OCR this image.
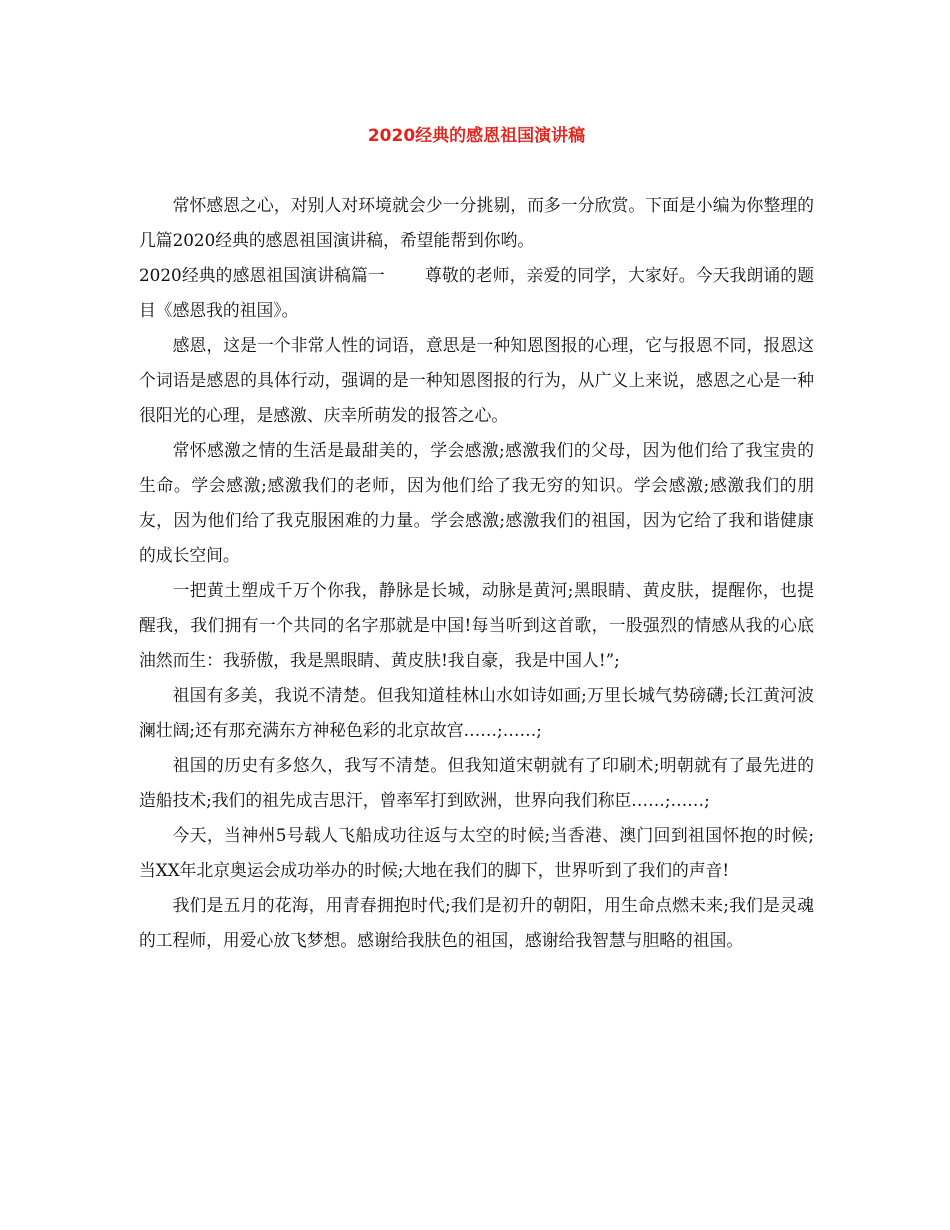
2020经典的感恩祖国演讲稿

常怀感恩之心，对别人对环境就会少一分挑剔，而多一分欣赏。下面是小编为你整理的几篇2020经典的感恩祖国演讲稿，希望能帮到你哟。

2020经典的感恩祖国演讲稿篇一 尊敬的老师，亲爱的同学，大家好。今天我朗诵的题目《感恩我的祖国》。

感恩，这是一个非常人性的词语，意思是一种知恩图报的心理，它与报恩不同，报恩这个词语是感恩的具体行动，强调的是一种知恩图报的行为，从广义上来说，感恩之心是一种很阳光的心理，是感激、庆幸所萌发的报答之心。

常怀感激之情的生活是最甜美的，学会感激;感激我们的父母，因为他们给了我宝贵的生命。学会感激;感激我们的老师，因为他们给了我无穷的知识。学会感激;感激我们的朋友，因为他们给了我克服困难的力量。学会感激;感激我们的祖国，因为它给了我和谐健康的成长空间。

一把黄土塑成千万个你我，静脉是长城，动脉是黄河;黑眼睛、黄皮肤，提醒你，也提醒我，我们拥有一个共同的名字那就是中国!每当听到这首歌，一股强烈的情感从我的心底油然而生：我骄傲，我是黑眼睛、黄皮肤!我自豪，我是中国人!”;

祖国有多美，我说不清楚。但我知道桂林山水如诗如画;万里长城气势磅礴;长江黄河波澜壮阔;还有那充满东方神秘色彩的北京故宫……;……;

祖国的历史有多悠久，我写不清楚。但我知道宋朝就有了印刷术;明朝就有了最先进的造船技术;我们的祖先成吉思汗，曾率军打到欧洲，世界向我们称臣……;……;

今天，当神州5号载人飞船成功往返与太空的时候;当香港、澳门回到祖国怀抱的时候;当XX年北京奥运会成功举办的时候;大地在我们的脚下，世界听到了我们的声音!

我们是五月的花海，用青春拥抱时代;我们是初升的朝阳，用生命点燃未来;我们是灵魂的工程师，用爱心放飞梦想。感谢给我肤色的祖国，感谢给我智慧与胆略的祖国。
